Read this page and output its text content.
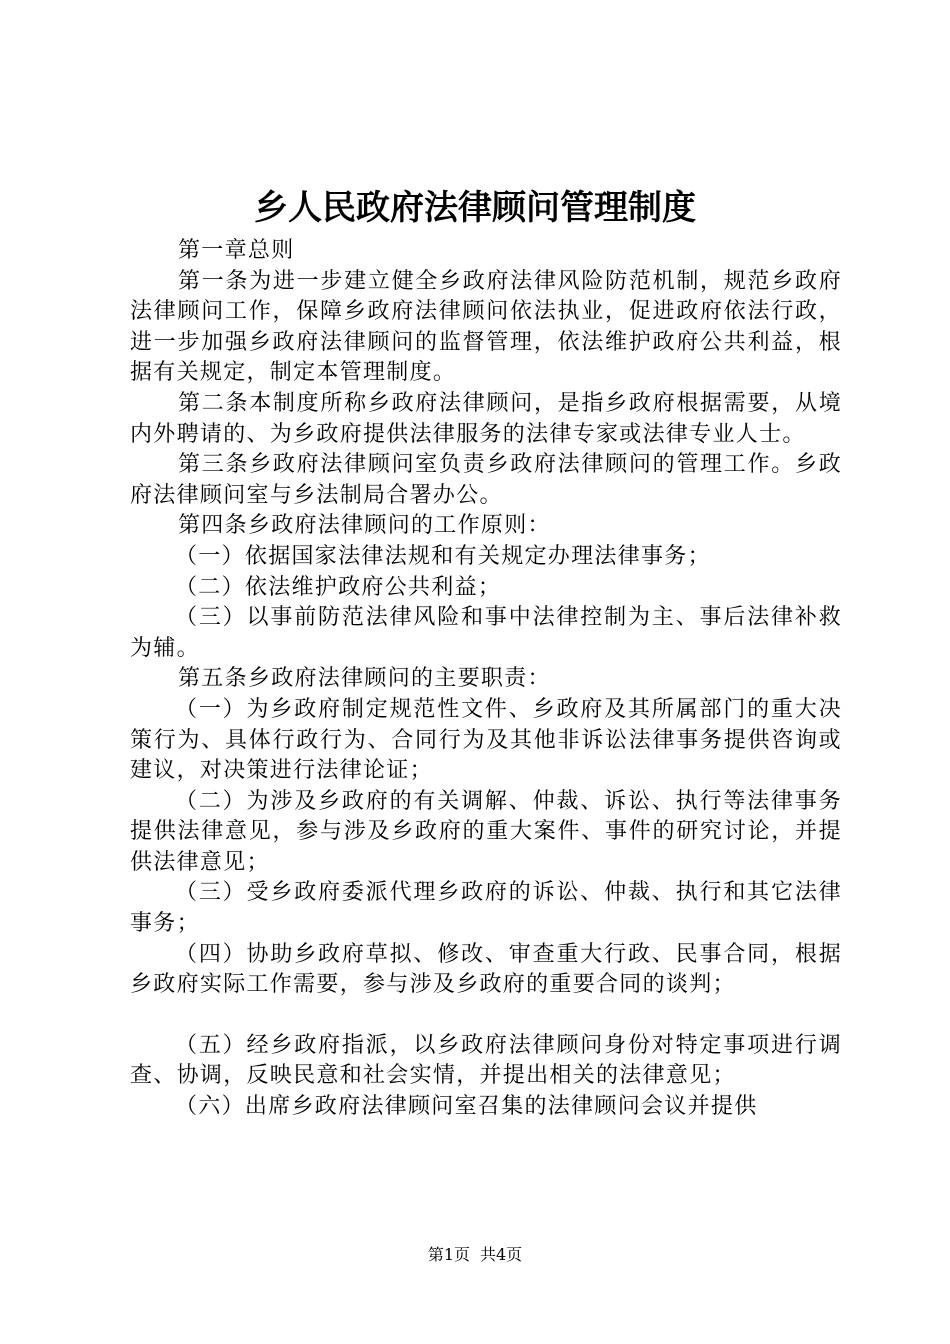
乡人民政府法律顾问管理制度

第一章总则

第一条为进一步建立健全乡政府法律风险防范机制，规范乡政府法律顾问工作，保障乡政府法律顾问依法执业，促进政府依法行政，进一步加强乡政府法律顾问的监督管理，依法维护政府公共利益，根据有关规定，制定本管理制度。

第二条本制度所称乡政府法律顾问，是指乡政府根据需要，从境内外聘请的、为乡政府提供法律服务的法律专家或法律专业人士。

第三条乡政府法律顾问室负责乡政府法律顾问的管理工作。乡政府法律顾问室与乡法制局合署办公。

第四条乡政府法律顾问的工作原则：

（一）依据国家法律法规和有关规定办理法律事务；

（二）依法维护政府公共利益；

（三）以事前防范法律风险和事中法律控制为主、事后法律补救为辅。

第五条乡政府法律顾问的主要职责：

（一）为乡政府制定规范性文件、乡政府及其所属部门的重大决策行为、具体行政行为、合同行为及其他非诉讼法律事务提供咨询或建议，对决策进行法律论证；

（二）为涉及乡政府的有关调解、仲裁、诉讼、执行等法律事务提供法律意见，参与涉及乡政府的重大案件、事件的研究讨论，并提供法律意见；

（三）受乡政府委派代理乡政府的诉讼、仲裁、执行和其它法律事务；

（四）协助乡政府草拟、修改、审查重大行政、民事合同，根据乡政府实际工作需要，参与涉及乡政府的重要合同的谈判；

（五）经乡政府指派，以乡政府法律顾问身份对特定事项进行调查、协调，反映民意和社会实情，并提出相关的法律意见；

（六）出席乡政府法律顾问室召集的法律顾问会议并提供

第1页 共4页
